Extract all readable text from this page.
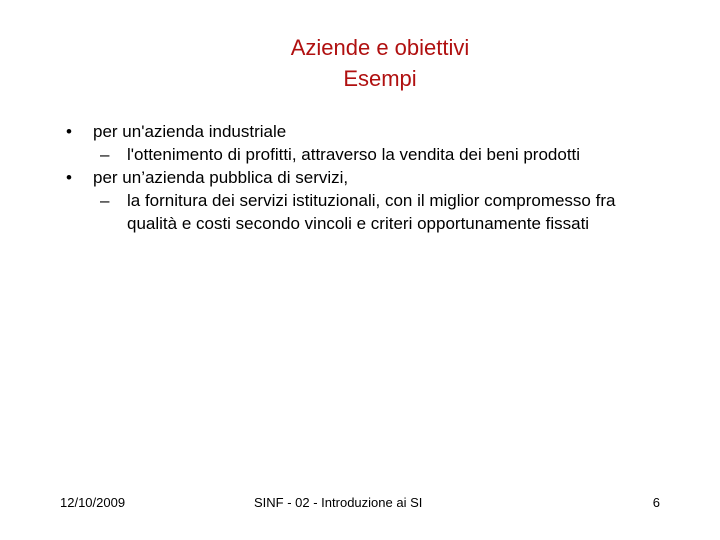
Aziende e obiettivi
Esempi
• per un'azienda industriale
– l'ottenimento di profitti, attraverso la vendita dei beni prodotti
• per un’azienda pubblica di servizi,
– la fornitura dei servizi istituzionali, con il miglior compromesso fra qualità e costi secondo vincoli e criteri opportunamente fissati
12/10/2009	SINF - 02 - Introduzione ai SI	6
